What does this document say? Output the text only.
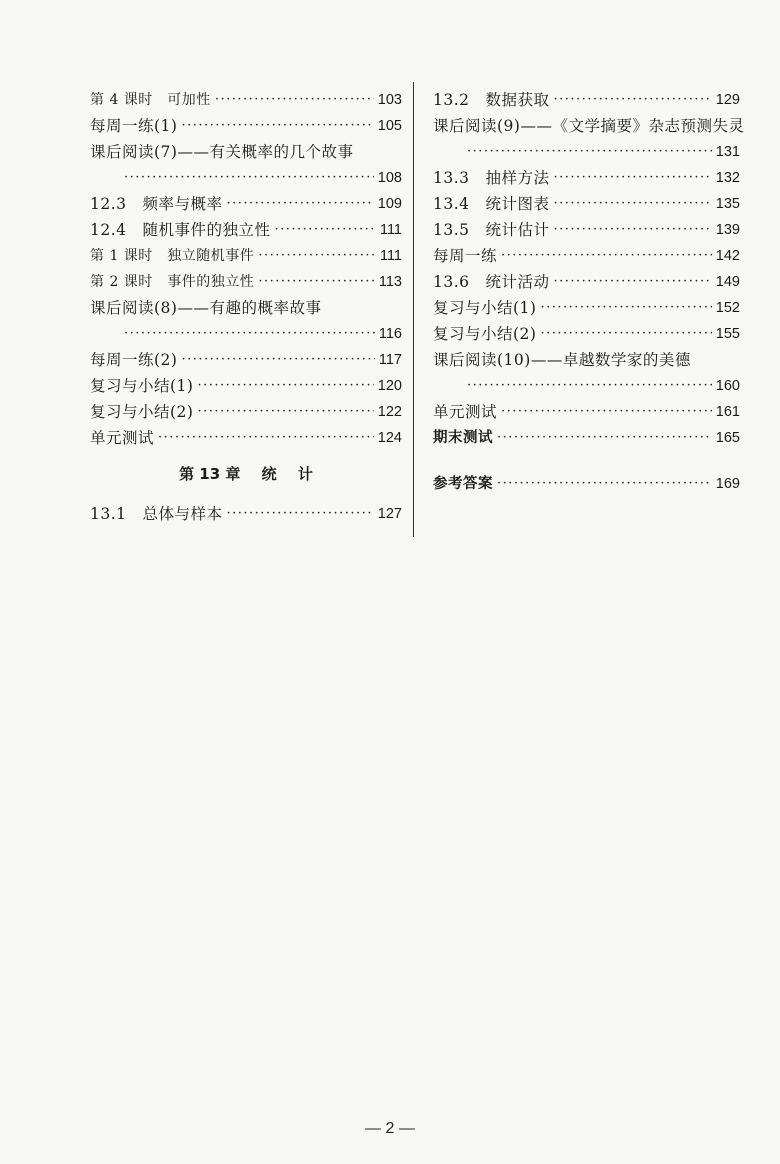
第 4 课时　可加性 ·····	103
每周一练(1) ·····	105
课后阅读(7)——有关概率的几个故事
·····
108
12.3　频率与概率 ·····	109
12.4　随机事件的独立性 ·····	111
第 1 课时　独立随机事件 ·····	111
第 2 课时　事件的独立性 ·····	113
课后阅读(8)——有趣的概率故事
·····
116
每周一练(2) ·····	117
复习与小结(1) ·····	120
复习与小结(2) ·····	122
单元测试 ·····	124
第 13 章 统 计
13.1　总体与样本 ·····	127
13.2　数据获取 ·····	129
课后阅读(9)——《文学摘要》杂志预测失灵
·····
131
13.3　抽样方法 ·····	132
13.4　统计图表 ·····	135
13.5　统计估计 ·····	139
每周一练 ·····	142
13.6　统计活动 ·····	149
复习与小结(1) ·····	152
复习与小结(2) ·····	155
课后阅读(10)——卓越数学家的美德
·····
160
单元测试 ·····	161
期末测试 ·····	165
参考答案 ·····	169
— 2 —
